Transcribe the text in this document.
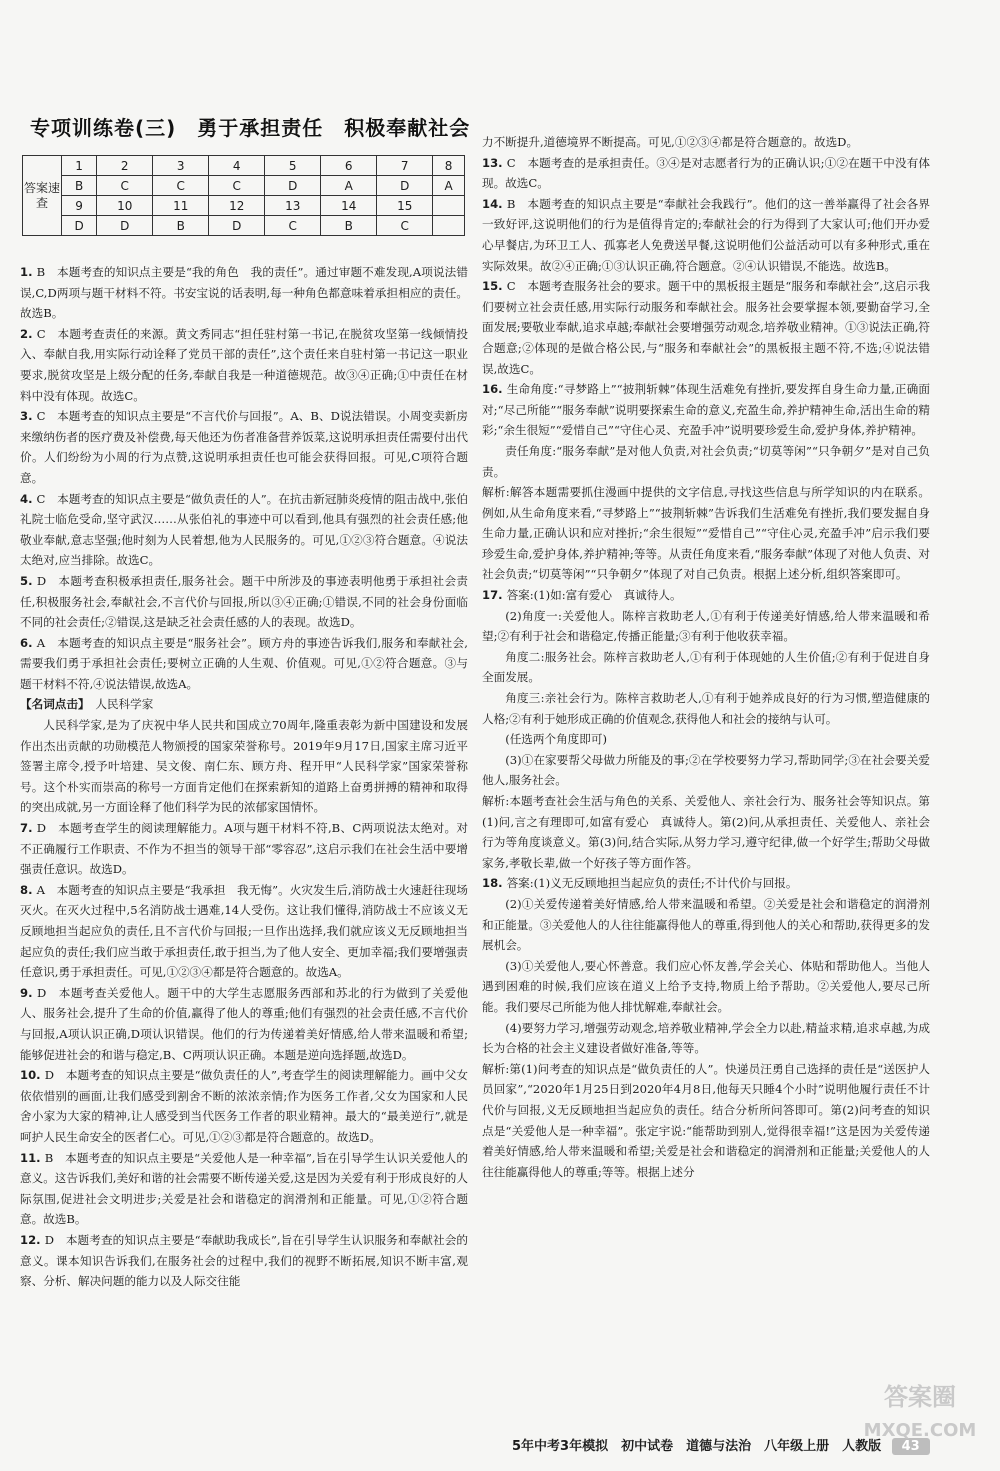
专项训练卷(三)　勇于承担责任　积极奉献社会
答案速查	1	2	3	4	5	6	7	8
	B	C	C	C	D	A	D	A
	9	10	11	12	13	14	15	
	D	D	B	D	C	B	C	

1. B　本题考查的知识点主要是“我的角色　我的责任”。通过审题不难发现,A项说法错误,C,D两项与题干材料不符。书安宝说的话表明,每一种角色都意味着承担相应的责任。故选B。

2. C　本题考查责任的来源。黄文秀同志“担任驻村第一书记,在脱贫攻坚第一线倾情投入、奉献自我,用实际行动诠释了党员干部的责任”,这个责任来自驻村第一书记这一职业要求,脱贫攻坚是上级分配的任务,奉献自我是一种道德规范。故③④正确;①中责任在材料中没有体现。故选C。

3. C　本题考查的知识点主要是“不言代价与回报”。A、B、D说法错误。小周变卖新房来缴纳伤者的医疗费及补偿费,每天他还为伤者准备营养饭菜,这说明承担责任需要付出代价。人们纷纷为小周的行为点赞,这说明承担责任也可能会获得回报。可见,C项符合题意。

4. C　本题考查的知识点主要是“做负责任的人”。在抗击新冠肺炎疫情的阻击战中,张伯礼院士临危受命,坚守武汉……从张伯礼的事迹中可以看到,他具有强烈的社会责任感;他敬业奉献,意志坚强;他时刻为人民着想,他为人民服务的。可见,①②③符合题意。④说法太绝对,应当排除。故选C。

5. D　本题考查积极承担责任,服务社会。题干中所涉及的事迹表明他勇于承担社会责任,积极服务社会,奉献社会,不言代价与回报,所以③④正确;①错误,不同的社会身份面临不同的社会责任;②错误,这是缺乏社会责任感的人的表现。故选D。

6. A　本题考查的知识点主要是“服务社会”。顾方舟的事迹告诉我们,服务和奉献社会,需要我们勇于承担社会责任;要树立正确的人生观、价值观。可见,①②符合题意。③与题干材料不符,④说法错误,故选A。

【名词点击】　人民科学家

人民科学家,是为了庆祝中华人民共和国成立70周年,隆重表彰为新中国建设和发展作出杰出贡献的功勋模范人物颁授的国家荣誉称号。2019年9月17日,国家主席习近平签署主席令,授予叶培建、吴文俊、南仁东、顾方舟、程开甲“人民科学家”国家荣誉称号。这个朴实而崇高的称号一方面肯定他们在探索新知的道路上奋勇拼搏的精神和取得的突出成就,另一方面诠释了他们科学为民的浓郁家国情怀。

7. D　本题考查学生的阅读理解能力。A项与题干材料不符,B、C两项说法太绝对。对不正确履行工作职责、不作为不担当的领导干部“零容忍”,这启示我们在社会生活中要增强责任意识。故选D。

8. A　本题考查的知识点主要是“我承担　我无悔”。火灾发生后,消防战士火速赶往现场灭火。在灭火过程中,5名消防战士遇难,14人受伤。这让我们懂得,消防战士不应该义无反顾地担当起应负的责任,且不言代价与回报;一旦作出选择,我们就应该义无反顾地担当起应负的责任;我们应当敢于承担责任,敢于担当,为了他人安全、更加幸福;我们要增强责任意识,勇于承担责任。可见,①②③④都是符合题意的。故选A。

9. D　本题考查关爱他人。题干中的大学生志愿服务西部和苏北的行为做到了关爱他人、服务社会,提升了生命的价值,赢得了他人的尊重;他们有强烈的社会责任感,不言代价与回报,A项认识正确,D项认识错误。他们的行为传递着美好情感,给人带来温暖和希望;能够促进社会的和谐与稳定,B、C两项认识正确。本题是逆向选择题,故选D。

10. D　本题考查的知识点主要是“做负责任的人”,考查学生的阅读理解能力。画中父女依依惜别的画面,让我们感受到割舍不断的浓浓亲情;作为医务工作者,父女为国家和人民舍小家为大家的精神,让人感受到当代医务工作者的职业精神。最大的“最美逆行”,就是呵护人民生命安全的医者仁心。可见,①②③都是符合题意的。故选D。

11. B　本题考查的知识点主要是“关爱他人是一种幸福”,旨在引导学生认识关爱他人的意义。这告诉我们,美好和谐的社会需要不断传递关爱,这是因为关爱有利于形成良好的人际氛围,促进社会文明进步;关爱是社会和谐稳定的润滑剂和正能量。可见,①②符合题意。故选B。

12. D　本题考查的知识点主要是“奉献助我成长”,旨在引导学生认识服务和奉献社会的意义。课本知识告诉我们,在服务社会的过程中,我们的视野不断拓展,知识不断丰富,观察、分析、解决问题的能力以及人际交往能

力不断提升,道德境界不断提高。可见,①②③④都是符合题意的。故选D。

13. C　本题考查的是承担责任。③④是对志愿者行为的正确认识;①②在题干中没有体现。故选C。

14. B　本题考查的知识点主要是“奉献社会我践行”。他们的这一善举赢得了社会各界一致好评,这说明他们的行为是值得肯定的;奉献社会的行为得到了大家认可;他们开办爱心早餐店,为环卫工人、孤寡老人免费送早餐,这说明他们公益活动可以有多种形式,重在实际效果。故②④正确;①③认识正确,符合题意。②④认识错误,不能选。故选B。

15. C　本题考查服务社会的要求。题干中的黑板报主题是“服务和奉献社会”,这启示我们要树立社会责任感,用实际行动服务和奉献社会。服务社会要掌握本领,要勤奋学习,全面发展;要敬业奉献,追求卓越;奉献社会要增强劳动观念,培养敬业精神。①③说法正确,符合题意;②体现的是做合格公民,与“服务和奉献社会”的黑板报主题不符,不选;④说法错误,故选C。

16. 生命角度:“寻梦路上”“披荆斩棘”体现生活难免有挫折,要发挥自身生命力量,正确面对;“尽己所能”“服务奉献”说明要探索生命的意义,充盈生命,养护精神生命,活出生命的精彩;“余生很短”“爱惜自己”“守住心灵、充盈手冲”说明要珍爱生命,爱护身体,养护精神。

责任角度:“服务奉献”是对他人负责,对社会负责;“切莫等闲”“只争朝夕”是对自己负责。

解析:解答本题需要抓住漫画中提供的文字信息,寻找这些信息与所学知识的内在联系。例如,从生命角度来看,“寻梦路上”“披荆斩棘”告诉我们生活难免有挫折,我们要发掘自身生命力量,正确认识和应对挫折;“余生很短”“爱惜自己”“守住心灵,充盈手冲”启示我们要珍爱生命,爱护身体,养护精神;等等。从责任角度来看,“服务奉献”体现了对他人负责、对社会负责;“切莫等闲”“只争朝夕”体现了对自己负责。根据上述分析,组织答案即可。

17. 答案:(1)如:富有爱心　真诚待人。

(2)角度一:关爱他人。陈梓言救助老人,①有利于传递美好情感,给人带来温暖和希望;②有利于社会和谐稳定,传播正能量;③有利于他收获幸福。

角度二:服务社会。陈梓言救助老人,①有利于体现她的人生价值;②有利于促进自身全面发展。

角度三:亲社会行为。陈梓言救助老人,①有利于她养成良好的行为习惯,塑造健康的人格;②有利于她形成正确的价值观念,获得他人和社会的接纳与认可。

(任选两个角度即可)

(3)①在家要帮父母做力所能及的事;②在学校要努力学习,帮助同学;③在社会要关爱他人,服务社会。

解析:本题考查社会生活与角色的关系、关爱他人、亲社会行为、服务社会等知识点。第(1)问,言之有理即可,如富有爱心　真诚待人。第(2)问,从承担责任、关爱他人、亲社会行为等角度谈意义。第(3)问,结合实际,从努力学习,遵守纪律,做一个好学生;帮助父母做家务,孝敬长辈,做一个好孩子等方面作答。

18. 答案:(1)义无反顾地担当起应负的责任;不计代价与回报。

(2)①关爱传递着美好情感,给人带来温暖和希望。②关爱是社会和谐稳定的润滑剂和正能量。③关爱他人的人往往能赢得他人的尊重,得到他人的关心和帮助,获得更多的发展机会。

(3)①关爱他人,要心怀善意。我们应心怀友善,学会关心、体贴和帮助他人。当他人遇到困难的时候,我们应该在道义上给予支持,物质上给予帮助。②关爱他人,要尽己所能。我们要尽己所能为他人排忧解难,奉献社会。

(4)要努力学习,增强劳动观念,培养敬业精神,学会全力以赴,精益求精,追求卓越,为成长为合格的社会主义建设者做好准备,等等。

解析:第(1)问考查的知识点是“做负责任的人”。快递员汪勇自己选择的责任是“送医护人员回家”,“2020年1月25日到2020年4月8日,他每天只睡4个小时”说明他履行责任不计代价与回报,义无反顾地担当起应负的责任。结合分析所问答即可。第(2)问考查的知识点是“关爱他人是一种幸福”。张定宇说:“能帮助到别人,觉得很幸福!”这是因为关爱传递着美好情感,给人带来温暖和希望;关爱是社会和谐稳定的润滑剂和正能量;关爱他人的人往往能赢得他人的尊重;等等。根据上述分

5年中考3年模拟　初中试卷　道德与法治　八年级上册　人教版 43
答案圈
MXQE.COM
